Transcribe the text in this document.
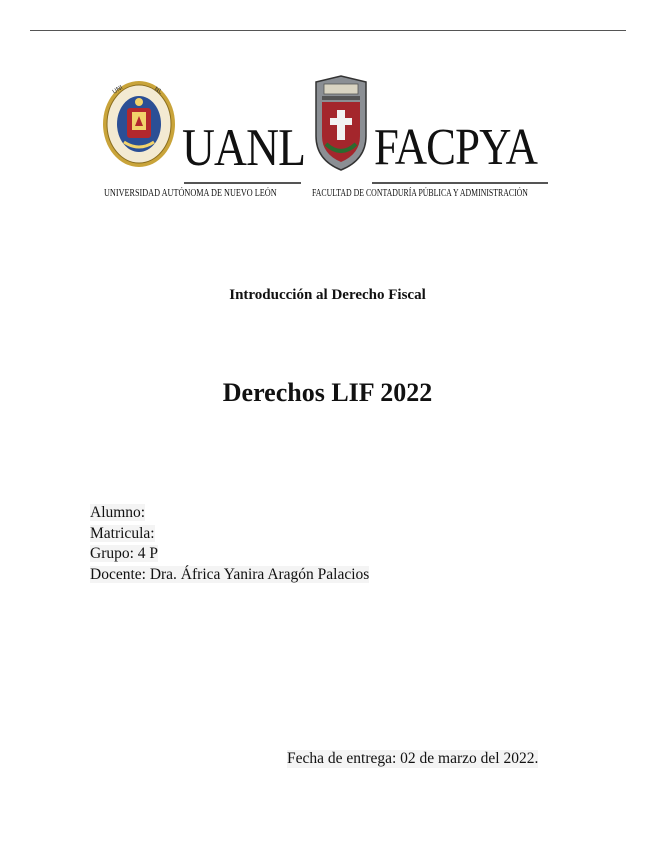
UNI	NL
UANL
UNIVERSIDAD AUTÓNOMA DE NUEVO LEÓN
FACPYA
FACULTAD DE CONTADURÍA PÚBLICA Y ADMINISTRACIÓN
Introducción al Derecho Fiscal
Derechos LIF 2022
Alumno:
Matricula:
Grupo: 4 P
Docente: Dra. África Yanira Aragón Palacios
Fecha de entrega: 02 de marzo del 2022.
